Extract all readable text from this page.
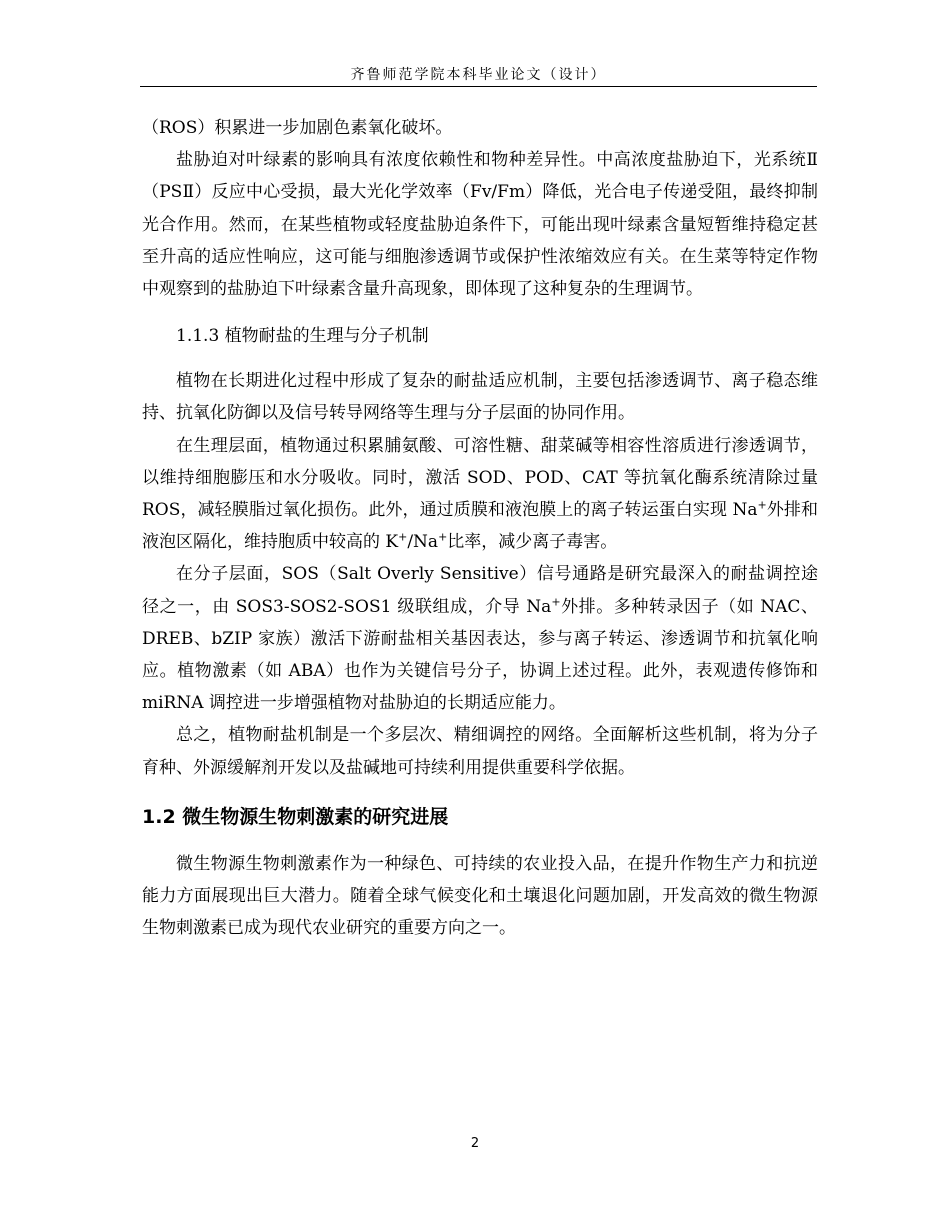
齐鲁师范学院本科毕业论文（设计）

（ROS）积累进一步加剧色素氧化破坏。

盐胁迫对叶绿素的影响具有浓度依赖性和物种差异性。中高浓度盐胁迫下，光系统Ⅱ（PSⅡ）反应中心受损，最大光化学效率（Fv/Fm）降低，光合电子传递受阻，最终抑制光合作用。然而，在某些植物或轻度盐胁迫条件下，可能出现叶绿素含量短暂维持稳定甚至升高的适应性响应，这可能与细胞渗透调节或保护性浓缩效应有关。在生菜等特定作物中观察到的盐胁迫下叶绿素含量升高现象，即体现了这种复杂的生理调节。

1.1.3 植物耐盐的生理与分子机制

植物在长期进化过程中形成了复杂的耐盐适应机制，主要包括渗透调节、离子稳态维持、抗氧化防御以及信号转导网络等生理与分子层面的协同作用。

在生理层面，植物通过积累脯氨酸、可溶性糖、甜菜碱等相容性溶质进行渗透调节，以维持细胞膨压和水分吸收。同时，激活 SOD、POD、CAT 等抗氧化酶系统清除过量 ROS，减轻膜脂过氧化损伤。此外，通过质膜和液泡膜上的离子转运蛋白实现 Na+外排和液泡区隔化，维持胞质中较高的 K+/Na+比率，减少离子毒害。

在分子层面，SOS（Salt Overly Sensitive）信号通路是研究最深入的耐盐调控途径之一，由 SOS3-SOS2-SOS1 级联组成，介导 Na+外排。多种转录因子（如 NAC、DREB、bZIP 家族）激活下游耐盐相关基因表达，参与离子转运、渗透调节和抗氧化响应。植物激素（如 ABA）也作为关键信号分子，协调上述过程。此外，表观遗传修饰和 miRNA 调控进一步增强植物对盐胁迫的长期适应能力。

总之，植物耐盐机制是一个多层次、精细调控的网络。全面解析这些机制，将为分子育种、外源缓解剂开发以及盐碱地可持续利用提供重要科学依据。

1.2 微生物源生物刺激素的研究进展

微生物源生物刺激素作为一种绿色、可持续的农业投入品，在提升作物生产力和抗逆能力方面展现出巨大潜力。随着全球气候变化和土壤退化问题加剧，开发高效的微生物源生物刺激素已成为现代农业研究的重要方向之一。

2
